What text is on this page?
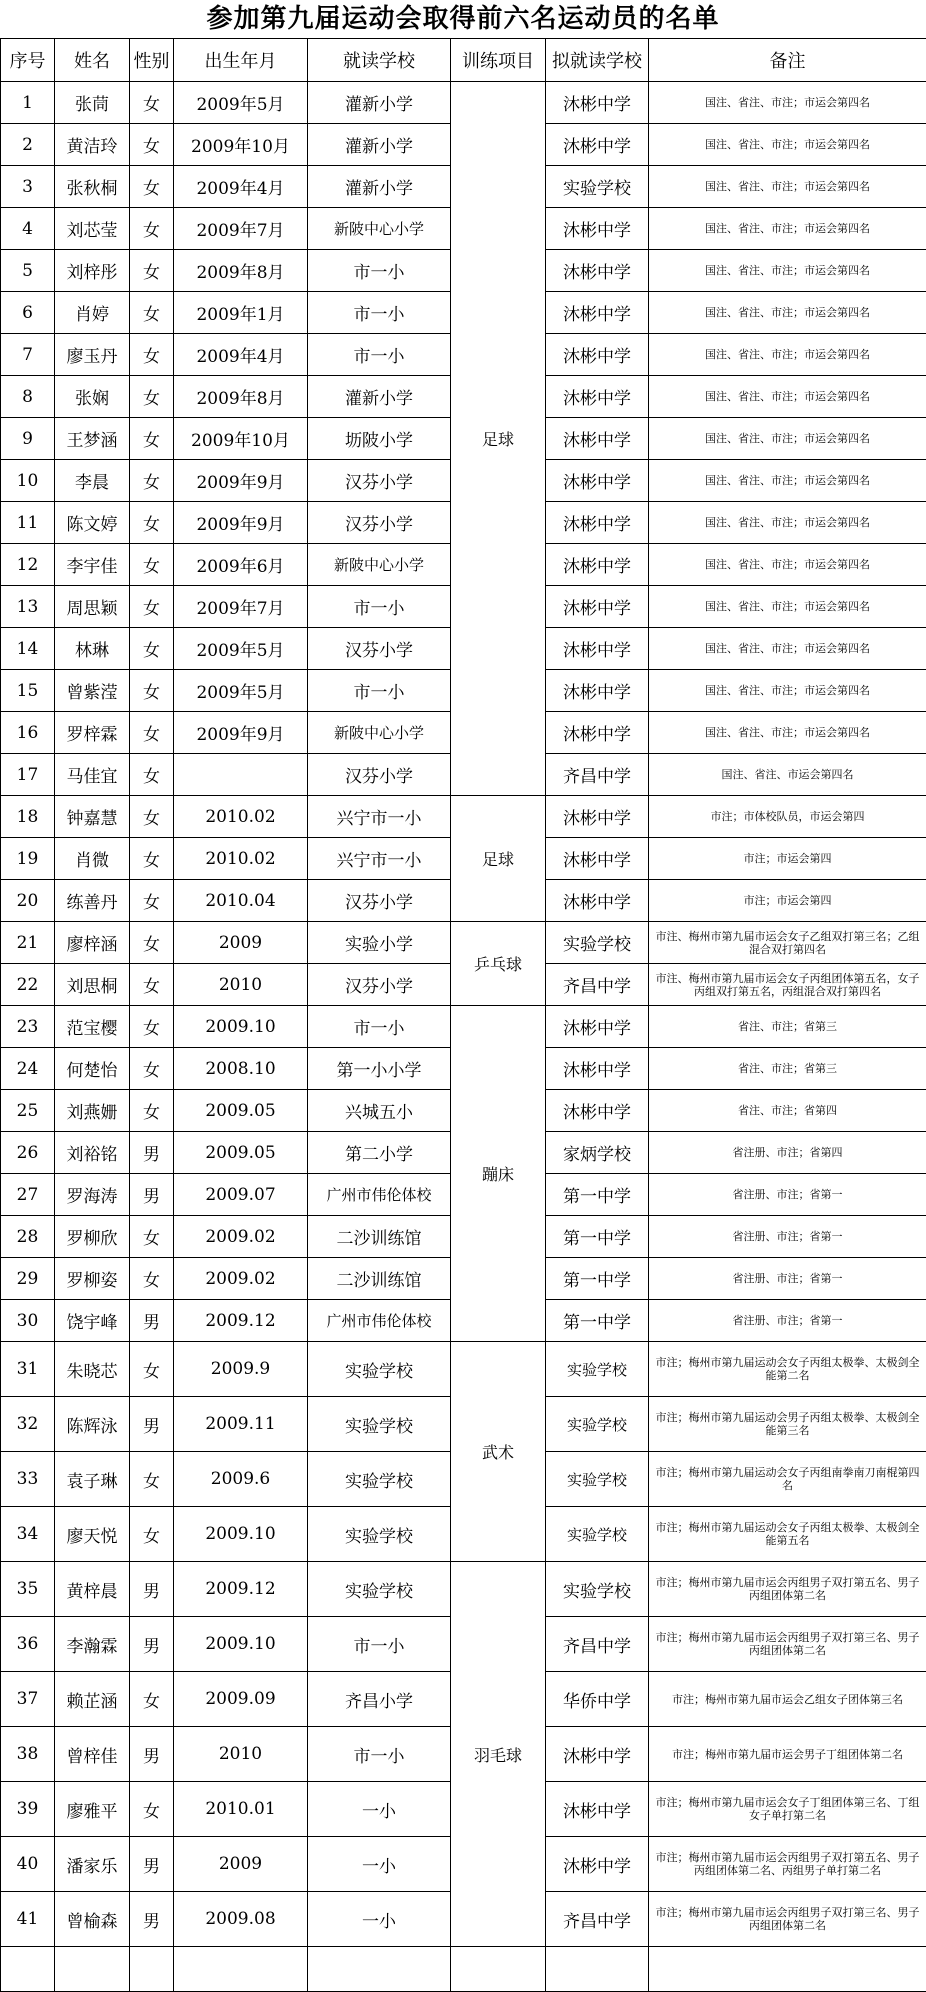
参加第九届运动会取得前六名运动员的名单
序号	姓名	性别	出生年月	就读学校	训练项目	拟就读学校	备注
1	张茼	女	2009年5月	灌新小学	足球	沐彬中学	国注、省注、市注；市运会第四名
2	黄洁玲	女	2009年10月	灌新小学		沐彬中学	国注、省注、市注；市运会第四名
3	张秋桐	女	2009年4月	灌新小学		实验学校	国注、省注、市注；市运会第四名
4	刘芯莹	女	2009年7月	新陂中心小学		沐彬中学	国注、省注、市注；市运会第四名
5	刘梓彤	女	2009年8月	市一小		沐彬中学	国注、省注、市注；市运会第四名
6	肖婷	女	2009年1月	市一小		沐彬中学	国注、省注、市注；市运会第四名
7	廖玉丹	女	2009年4月	市一小		沐彬中学	国注、省注、市注；市运会第四名
8	张娴	女	2009年8月	灌新小学		沐彬中学	国注、省注、市注；市运会第四名
9	王梦涵	女	2009年10月	坜陂小学		沐彬中学	国注、省注、市注；市运会第四名
10	李晨	女	2009年9月	汉芬小学		沐彬中学	国注、省注、市注；市运会第四名
11	陈文婷	女	2009年9月	汉芬小学		沐彬中学	国注、省注、市注；市运会第四名
12	李宇佳	女	2009年6月	新陂中心小学		沐彬中学	国注、省注、市注；市运会第四名
13	周思颖	女	2009年7月	市一小		沐彬中学	国注、省注、市注；市运会第四名
14	林琳	女	2009年5月	汉芬小学		沐彬中学	国注、省注、市注；市运会第四名
15	曾紫滢	女	2009年5月	市一小		沐彬中学	国注、省注、市注；市运会第四名
16	罗梓霖	女	2009年9月	新陂中心小学		沐彬中学	国注、省注、市注；市运会第四名
17	马佳宜	女		汉芬小学		齐昌中学	国注、省注、市运会第四名
18	钟嘉慧	女	2010.02	兴宁市一小	足球	沐彬中学	市注；市体校队员，市运会第四
19	肖微	女	2010.02	兴宁市一小		沐彬中学	市注；市运会第四
20	练善丹	女	2010.04	汉芬小学		沐彬中学	市注；市运会第四
21	廖梓涵	女	2009	实验小学	乒乓球	实验学校	市注、梅州市第九届市运会女子乙组双打第三名；乙组混合双打第四名
22	刘思桐	女	2010	汉芬小学		齐昌中学	市注、梅州市第九届市运会女子丙组团体第五名，女子丙组双打第五名，丙组混合双打第四名
23	范宝樱	女	2009.10	市一小	蹦床	沐彬中学	省注、市注；省第三
24	何楚怡	女	2008.10	第一小小学		沐彬中学	省注、市注；省第三
25	刘燕姗	女	2009.05	兴城五小		沐彬中学	省注、市注；省第四
26	刘裕铭	男	2009.05	第二小学		家炳学校	省注册、市注；省第四
27	罗海涛	男	2009.07	广州市伟伦体校		第一中学	省注册、市注；省第一
28	罗柳欣	女	2009.02	二沙训练馆		第一中学	省注册、市注；省第一
29	罗柳姿	女	2009.02	二沙训练馆		第一中学	省注册、市注；省第一
30	饶宇峰	男	2009.12	广州市伟伦体校		第一中学	省注册、市注；省第一
31	朱晓芯	女	2009.9	实验学校	武术	实验学校	市注；梅州市第九届运动会女子丙组太极拳、太极剑全能第二名
32	陈辉泳	男	2009.11	实验学校		实验学校	市注；梅州市第九届运动会男子丙组太极拳、太极剑全能第三名
33	袁子琳	女	2009.6	实验学校		实验学校	市注；梅州市第九届运动会女子丙组南拳南刀南棍第四名
34	廖天悦	女	2009.10	实验学校		实验学校	市注；梅州市第九届运动会女子丙组太极拳、太极剑全能第五名
35	黄梓晨	男	2009.12	实验学校	羽毛球	实验学校	市注；梅州市第九届市运会丙组男子双打第五名、男子丙组团体第二名
36	李瀚霖	男	2009.10	市一小		齐昌中学	市注；梅州市第九届市运会丙组男子双打第三名、男子丙组团体第二名
37	赖芷涵	女	2009.09	齐昌小学		华侨中学	市注；梅州市第九届市运会乙组女子团体第三名
38	曾梓佳	男	2010	市一小		沐彬中学	市注；梅州市第九届市运会男子丁组团体第二名
39	廖雅平	女	2010.01	一小		沐彬中学	市注；梅州市第九届市运会女子丁组团体第三名、丁组女子单打第二名
40	潘家乐	男	2009	一小		沐彬中学	市注；梅州市第九届市运会丙组男子双打第五名、男子丙组团体第二名、丙组男子单打第二名
41	曾榆森	男	2009.08	一小		齐昌中学	市注；梅州市第九届市运会丙组男子双打第三名、男子丙组团体第二名
